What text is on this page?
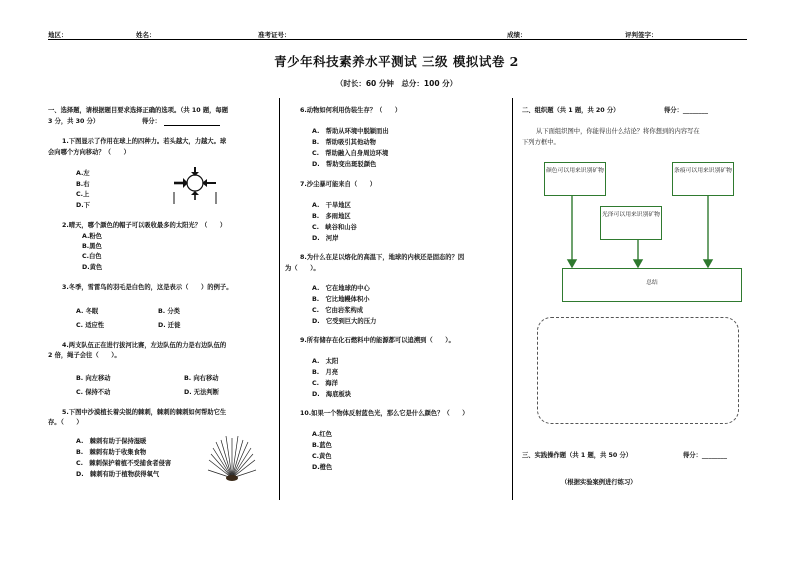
地区：	姓名：	准考证号：	成绩：	评判签字：
青少年科技素养水平测试 三级 模拟试卷 2
（时长：60 分钟　总分：100 分）
一、选择题，请根据题目要求选择正确的选项。（共 10 题，每题
3 分，共 30 分）	得分：
1.下图显示了作用在球上的四种力。若头越大，力越大。球
会向哪个方向移动？（　　）
A.左
B.右
C.上
D.下
2.晴天，哪个颜色的帽子可以吸收最多的太阳光？（　　）
A.粉色
B.黑色
C.白色
D.黄色
3.冬季，雪雷鸟的羽毛是白色的，这是表示（　　）的例子。
A. 冬眠	B. 分类
C. 适应性	D. 迁徙
4.两支队伍正在进行拔河比赛，左边队伍的力是右边队伍的
2 倍，绳子会往（　　）。
B. 向左移动	B. 向右移动
C. 保持不动	D. 无法判断
5.下图中沙漠植长着尖锐的棘刺，棘刺的棘刺如何帮助它生
存。（　　）
A.　棘刺有助于保持湿暖
B.　棘刺有助于收集食物
C.　棘刺保护着植不受捕食者侵害
D.　棘刺有助于植物获得氧气
6.动物如何利用伪装生存？（　　）
A.　帮助从环境中脱颖而出
B.　帮助吸引其他动物
C.　帮助融入自身周边环境
D.　帮助变出斑驳颜色
7.沙尘暴可能来自（　　）
A.　干旱地区
B.　多雨地区
C.　峡谷和山谷
D.　河岸
8.为什么在足以熔化的高温下，地球的内核还是固态的？因
为（　　）。
A.　它在地球的中心
B.　它比地幔体积小
C.　它由岩浆构成
D.　它受到巨大的压力
9.所有储存在化石燃料中的能源都可以追溯到（　　）。
A.　太阳
B.　月亮
C.　海洋
D.　海底板块
10.如果一个物体反射蓝色光，那么它是什么颜色？（　　）
A.红色
B.蓝色
C.黄色
D.橙色
二、组织题（共 1 题，共 20 分）	得分：________
从下面组织图中，你能得出什么结论？将你想到的内容写在
下列方框中。
颜色可以用来识别矿物
光泽可以用来识别矿物
条痕可以用来识别矿物
总结
三、实践操作题（共 1 题，共 50 分）	得分：________
（根据实验案例进行练习）
